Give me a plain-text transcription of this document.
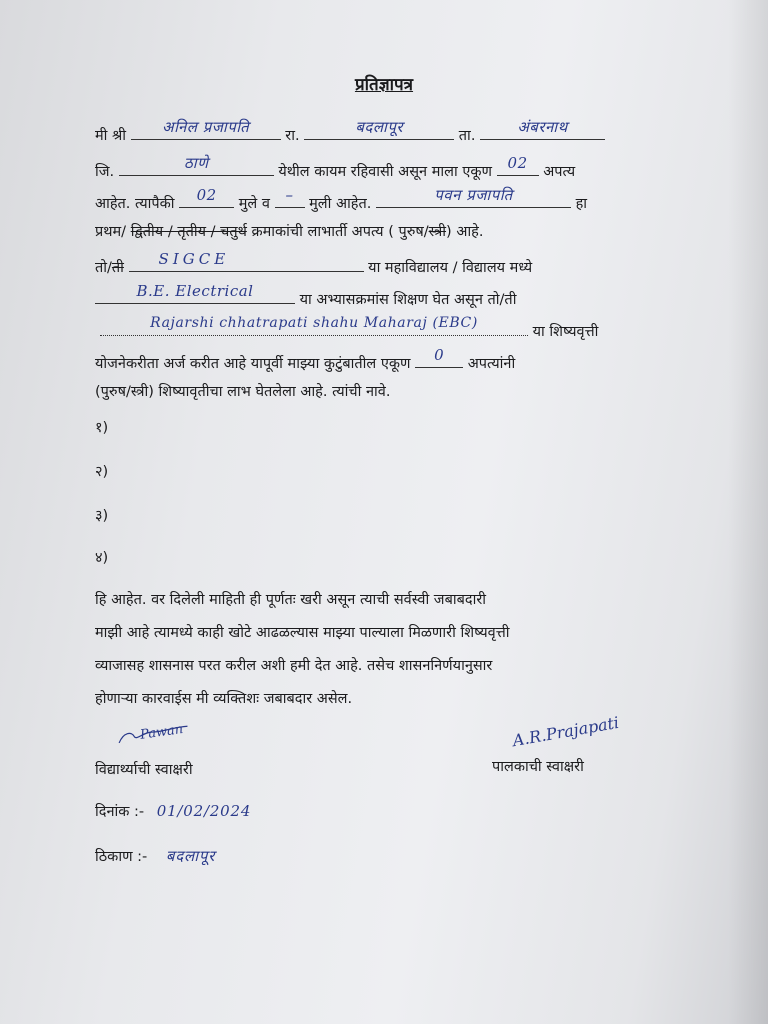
प्रतिज्ञापत्र
मी श्री	अनिल प्रजापति	रा.	बदलापूर	ता.	अंबरनाथ
जि.	ठाणे	येथील कायम रहिवासी असून माला एकूण	02	अपत्य
आहेत. त्यापैकी	02	मुले व	–	मुली आहेत.	पवन प्रजापति	हा
प्रथम/ द्वितीय / तृतीय / चतुर्थ क्रमाकांची लाभार्ती अपत्य ( पुरुष/स्त्री) आहे.
तो/ती	SIGCE	या महाविद्यालय / विद्यालय मध्ये
B.E. Electrical	या अभ्यासक्रमांस शिक्षण घेत असून तो/ती
Rajarshi chhatrapati shahu Maharaj (EBC)
या शिष्यवृत्ती
योजनेकरीता अर्ज करीत आहे यापूर्वी माझ्या कुटुंबातील एकूण	0	अपत्यांनी
(पुरुष/स्त्री) शिष्यावृतीचा लाभ घेतलेला आहे. त्यांची नावे.
१)
२)
३)
४)
हि आहेत. वर दिलेली माहिती ही पूर्णतः खरी असून त्याची सर्वस्वी जबाबदारी
माझी आहे त्यामध्ये काही खोटे आढळल्यास माझ्या पाल्याला मिळणारी शिष्यवृत्ती
व्याजासह शासनास परत करील अशी हमी देत आहे. तसेच शासननिर्णयानुसार
होणाऱ्या कारवाईस मी व्यक्तिशः जबाबदार असेल.
Pawan
विद्यार्थ्याची स्वाक्षरी
A.R.Prajapati
पालकाची स्वाक्षरी
दिनांक :- 01/02/2024
ठिकाण :- बदलापूर
